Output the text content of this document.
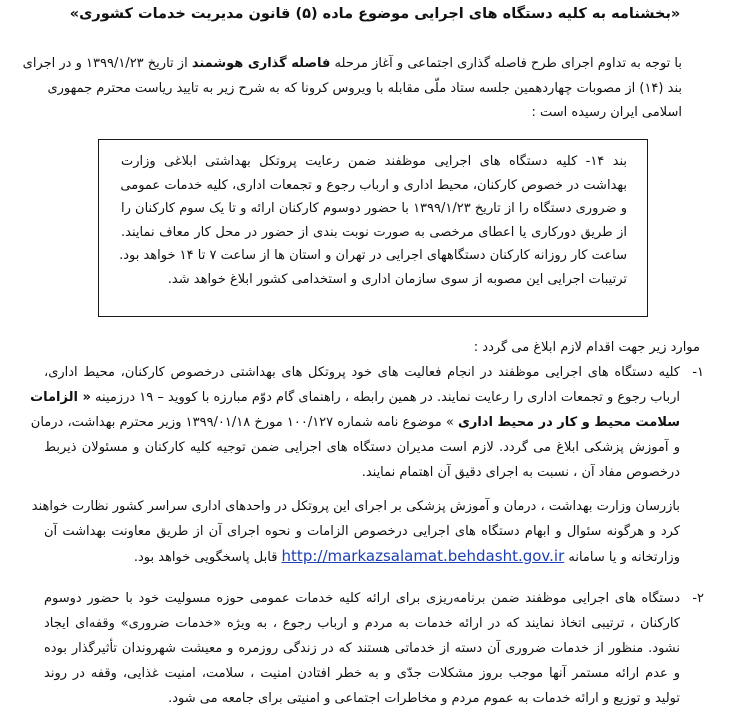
«بخشنامه به کلیه دستگاه های اجرایی موضوع ماده (۵) قانون مدیریت خدمات کشوری»
با توجه به تداوم اجرای طرح فاصله گذاری اجتماعی و آغاز مرحله فاصله گذاری هوشمند از تاریخ ۱۳۹۹/۱/۲۳ و در اجرای
بند (۱۴) از مصوبات چهاردهمین جلسه ستاد ملّی مقابله با ویروس کرونا که به شرح زیر به تایید ریاست محترم جمهوری
اسلامی ایران رسیده است :
بند ۱۴- کلیه دستگاه های اجرایی موظفند ضمن رعایت پروتکل بهداشتی ابلاغی وزارت
بهداشت در خصوص کارکنان، محیط اداری و ارباب رجوع و تجمعات اداری، کلیه خدمات عمومی
و ضروری دستگاه را از تاریخ ۱۳۹۹/۱/۲۳ با حضور دوسوم کارکنان ارائه و تا یک سوم کارکنان را
از طریق دورکاری یا اعطای مرخصی به صورت نوبت بندی از حضور در محل کار معاف نمایند.
ساعت کار روزانه کارکنان دستگاههای اجرایی در تهران و استان ها از ساعت ۷ تا ۱۴ خواهد بود.
ترتیبات اجرایی این مصوبه از سوی سازمان اداری و استخدامی کشور ابلاغ خواهد شد.
موارد زیر جهت اقدام لازم ابلاغ می گردد :
۱-
کلیه دستگاه های اجرایی موظفند در انجام فعالیت های خود پروتکل های بهداشتی درخصوص کارکنان، محیط اداری،
ارباب رجوع و تجمعات اداری را رعایت نمایند. در همین رابطه ، راهنمای گام دوّم مبارزه با کووید – ۱۹ درزمینه « الزامات
سلامت محیط و کار در محیط اداری » موضوع نامه شماره ۱۰۰/۱۲۷ مورخ ۱۳۹۹/۰۱/۱۸ وزیر محترم بهداشت، درمان
و آموزش پزشکی ابلاغ می گردد. لازم است مدیران دستگاه های اجرایی ضمن توجیه کلیه کارکنان و مسئولان ذیربط
درخصوص مفاد آن ، نسبت به اجرای دقیق آن اهتمام نمایند.
بازرسان وزارت بهداشت ، درمان و آموزش پزشکی بر اجرای این پروتکل در واحدهای اداری سراسر کشور نظارت خواهند
کرد و هرگونه سئوال و ابهام دستگاه های اجرایی درخصوص الزامات و نحوه اجرای آن از طریق معاونت بهداشت آن
وزارتخانه و یا سامانه http://markazsalamat.behdasht.gov.ir قابل پاسخگویی خواهد بود.
۲-
دستگاه های اجرایی موظفند ضمن برنامه‌ریزی برای ارائه کلیه خدمات عمومی حوزه مسولیت خود با حضور دوسوم
کارکنان ، ترتیبی اتخاذ نمایند که در ارائه خدمات به مردم و ارباب رجوع ، به ویژه «خدمات ضروری» وقفه‌ای ایجاد
نشود. منظور از خدمات ضروری آن دسته از خدماتی هستند که در زندگی روزمره و معیشت شهروندان تأثیرگذار بوده
و عدم ارائه مستمر آنها موجب بروز مشکلات جدّی و به خطر افتادن امنیت ، سلامت، امنیت غذایی، وقفه در روند
تولید و توزیع و ارائه خدمات به عموم مردم و مخاطرات اجتماعی و امنیتی برای جامعه می شود.
